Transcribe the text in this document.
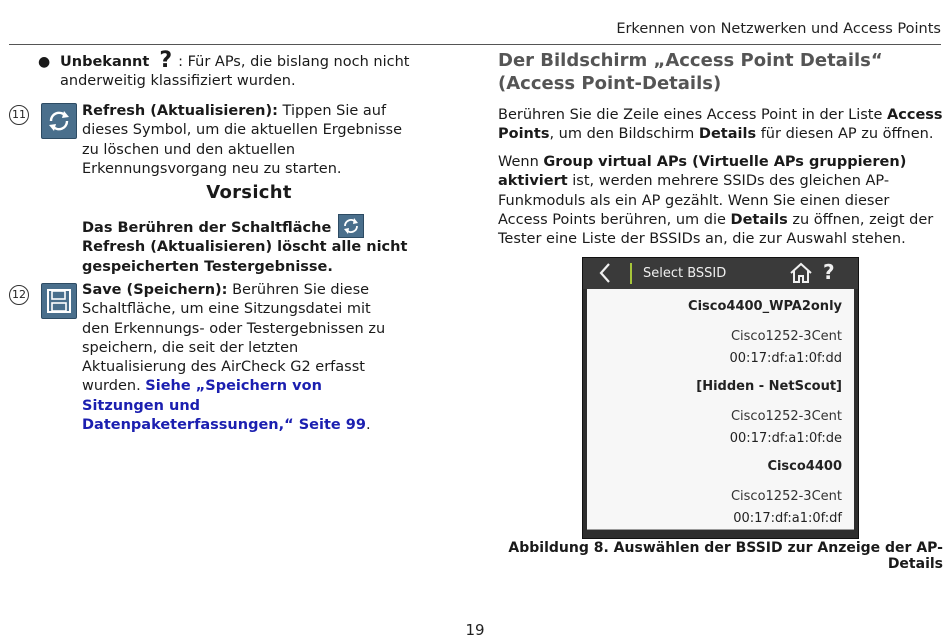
Erkennen von Netzwerken und Access Points
● Unbekannt ? : Für APs, die bislang noch nicht anderweitig klassifiziert wurden.
11	Refresh (Aktualisieren): Tippen Sie auf dieses Symbol, um die aktuellen Ergebnisse zu löschen und den aktuellen Erkennungsvorgang neu zu starten.
Vorsicht
Das Berühren der Schaltfläche Refresh (Aktualisieren) löscht alle nicht gespeicherten Testergebnisse.
12	Save (Speichern): Berühren Sie diese Schaltfläche, um eine Sitzungsdatei mit den Erkennungs- oder Testergebnissen zu speichern, die seit der letzten Aktualisierung des AirCheck G2 erfasst wurden. Siehe „Speichern von Sitzungen und Datenpaketerfassungen,“ Seite 99.
Der Bildschirm „Access Point Details“ (Access Point-Details)
Berühren Sie die Zeile eines Access Point in der Liste Access Points, um den Bildschirm Details für diesen AP zu öffnen.
Wenn Group virtual APs (Virtuelle APs gruppieren) aktiviert ist, werden mehrere SSIDs des gleichen AP-Funkmoduls als ein AP gezählt. Wenn Sie einen dieser Access Points berühren, um die Details zu öffnen, zeigt der Tester eine Liste der BSSIDs an, die zur Auswahl stehen.
Select BSSID	?
Cisco4400_WPA2only
Cisco1252-3Cent
00:17:df:a1:0f:dd
[Hidden - NetScout]
Cisco1252-3Cent
00:17:df:a1:0f:de
Cisco4400
Cisco1252-3Cent
00:17:df:a1:0f:df
Abbildung 8. Auswählen der BSSID zur Anzeige der AP-Details
19
